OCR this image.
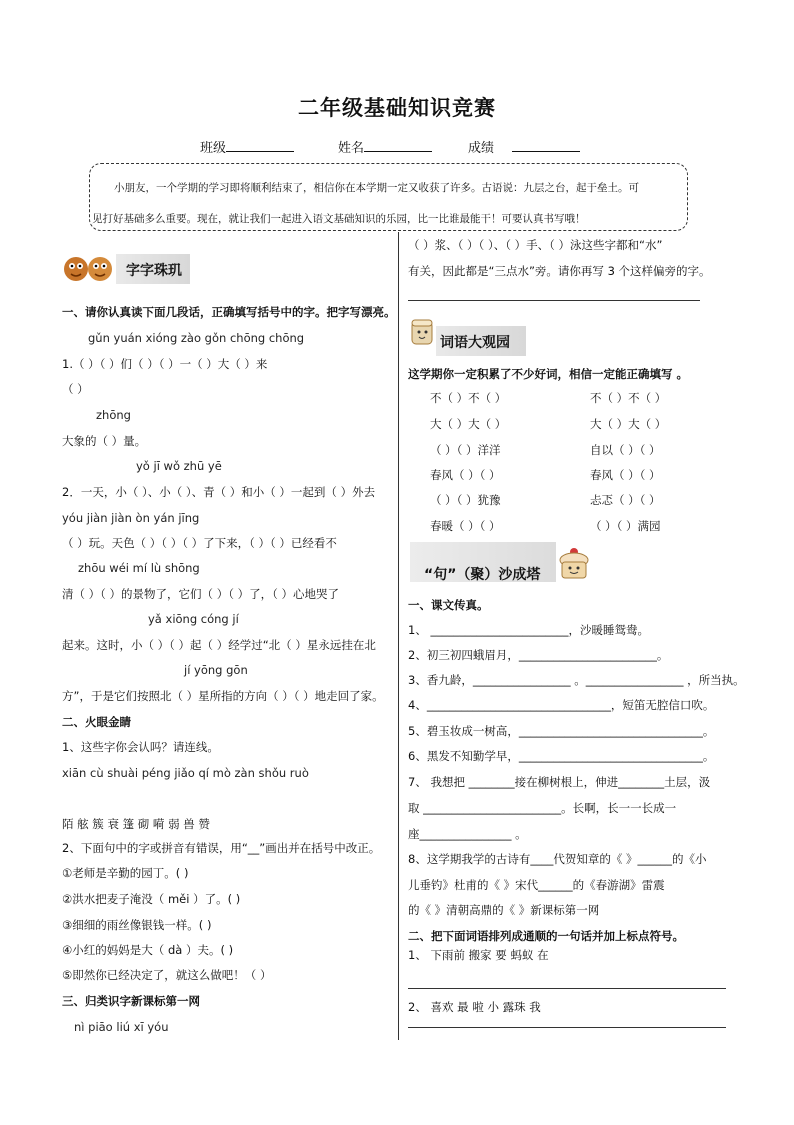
二年级基础知识竞赛
班级	姓名	成绩

小朋友，一个学期的学习即将顺利结束了，相信你在本学期一定又收获了许多。古语说：九层之台，起于垒土。可

见打好基础多么重要。现在，就让我们一起进入语文基础知识的乐园，比一比谁最能干！可要认真书写哦！

字字珠玑
一、请你认真读下面几段话，正确填写括号中的字。把字写漂亮。
gǔn yuán xióng zào gǒn chōng chōng
1.（ ）（ ）们（ ）（ ）一（ ）大（ ）来
（ ）
zhōng
大象的（ ）量。
yǒ jī wǒ zhū yē
2．一天，小（ ）、小（ ）、青（ ）和小（ ）一起到（ ）外去
yóu jiàn jiàn òn yán jīng
（ ）玩。天色（ ）（ ）（ ）了下来，（ ）（ ）已经看不
zhōu wéi mí lù shōng
清（ ）（ ）的景物了，它们（ ）（ ）了，（ ）心地哭了
yǎ xiōng cóng jí
起来。这时，小（ ）（ ）起（ ）经学过“北（ ）星永远挂在北
jí yōng gōn
方”，于是它们按照北（ ）星所指的方向（ ）（ ）地走回了家。
二、火眼金睛
1、这些字你会认吗？请连线。
xiān cù shuài péng jiǎo qí mò zàn shǒu ruò
陌 舷 簇 衰 篷 砌 嗬 弱 兽 赞
2、下面句中的字或拼音有错误，用“__”画出并在括号中改正。
①老师是辛勤的园丁。( )
②洪水把麦子淹没（ měi ）了。( )
③细细的雨丝像银钱一样。( )
④小红的妈妈是大（ dà ）夫。( )
⑤即然你已经决定了，就这么做吧！（ ）
三、归类识字新课标第一网
nì piāo liú xī yóu
（ ）浆、（ ）（ ）、（ ）手、（ ）泳这些字都和“水”
有关，因此都是“三点水”旁。请你再写 3 个这样偏旁的字。
词语大观园
这学期你一定积累了不少好词，相信一定能正确填写 。
不（ ）不（ ）
大（ ）大（ ）
（ ）（ ）洋洋
春风（ ）（ ）
（ ）（ ）犹豫
春暖（ ）（ ）
不（ ）不（ ）
大（ ）大（ ）
自以（ ）（ ）
春风（ ）（ ）
忐忑（ ）（ ）
（ ）（ ）满园
“句”（聚）沙成塔
一、课文传真。
1、 ________________________，沙暖睡鸳鸯。
2、初三初四蛾眉月，________________________。
3、香九龄，_________________ 。_________________ ，所当执。
4、________________________________，短笛无腔信口吹。
5、碧玉妆成一树高，________________________________。
6、黑发不知勤学早，________________________________。
7、 我想把 ________接在柳树根上，伸进________土层，汲
取 ________________________。长啊，长一一长成一
座________________ 。
8、这学期我学的古诗有____代贺知章的《 》______的《小
儿垂钓》杜甫的《 》宋代______的《春游湖》雷震
的《 》清朝高鼎的《 》新课标第一网
二、把下面词语排列成通顺的一句话并加上标点符号。
1、 下雨前 搬家 要 蚂蚁 在
2、 喜欢 最 啦 小 露珠 我
